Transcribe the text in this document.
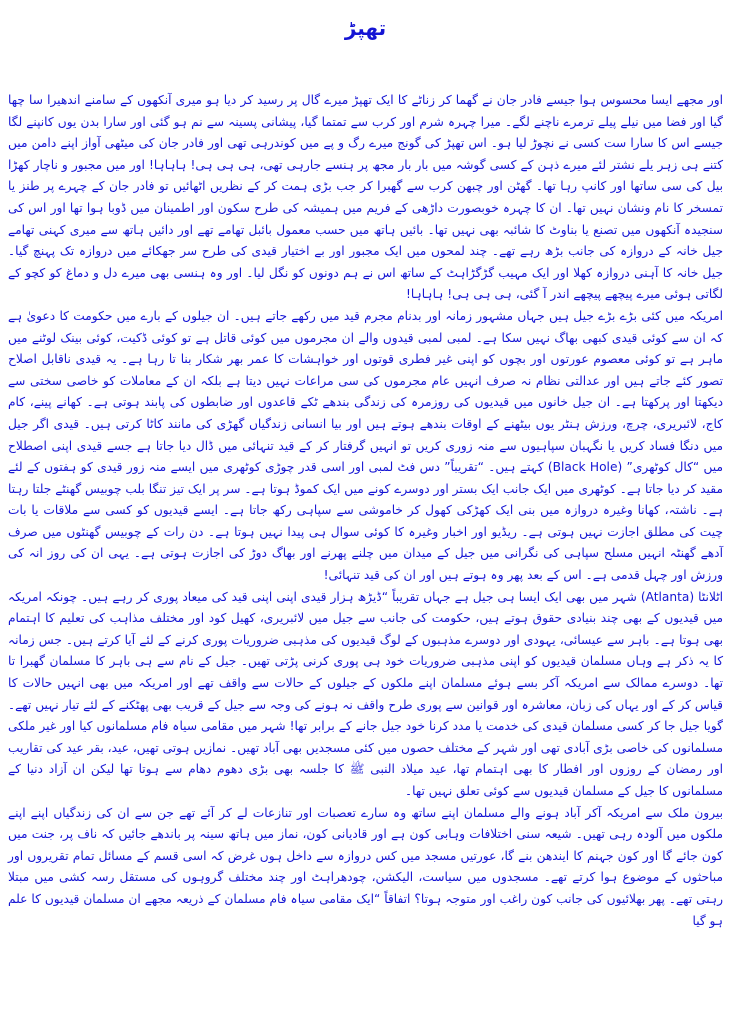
تھپڑ

اور مجھے ایسا محسوس ہوا جیسے فادر جان نے گھما کر زناٹے کا ایک تھپڑ میرے گال پر رسید کر دیا ہو میری آنکھوں کے سامنے اندھیرا سا چھا گیا اور فضا میں نیلے پیلے ترمرے ناچنے لگے۔ میرا چہرہ شرم اور کرب سے تمتما گیا، پیشانی پسینہ سے نم ہو گئی اور سارا بدن یوں کانپنے لگا جیسے اس کا سارا ست کسی نے نچوڑ لیا ہو۔ اس تھپڑ کی گونج میرے رگ و پے میں کوندرہی تھی اور فادر جان کی میٹھی آواز اپنے دامن میں کتنے ہی زہر یلے نشتر لئے میرے ذہن کے کسی گوشہ میں بار بار مجھ پر ہنسے جارہی تھی، ہی ہی ہی! ہاہاہا! اور میں مجبور و ناچار کھڑا بیل کی سی ساتھا اور کانپ رہا تھا۔ گھٹن اور چبھن کرب سے گھبرا کر جب بڑی ہمت کر کے نظریں اٹھائیں تو فادر جان کے چہرے پر طنز یا تمسخر کا نام ونشان نہیں تھا۔ ان کا چہرہ خوبصورت داڑھی کے فریم میں ہمیشہ کی طرح سکون اور اطمینان میں ڈوبا ہوا تھا اور اس کی سنجیدہ آنکھوں میں تصنع یا بناوٹ کا شائبہ بھی نہیں تھا۔ بائیں ہاتھ میں حسب معمول بائبل تھامے تھے اور دائیں ہاتھ سے میری کہنی تھامے جیل خانہ کے دروازہ کی جانب بڑھ رہے تھے۔ چند لمحوں میں ایک مجبور اور بے اختیار قیدی کی طرح سر جھکائے میں دروازہ تک پہنچ گیا۔ جیل خانہ کا آہنی دروازہ کھلا اور ایک مہیب گڑگڑاہٹ کے ساتھ اس نے ہم دونوں کو نگل لیا۔ اور وہ ہنسی بھی میرے دل و دماغ کو کچو کے لگاتی ہوئی میرے پیچھے پیچھے اندر آ گئی، ہی ہی ہی! ہاہاہا!

امریکہ میں کئی بڑے بڑے جیل ہیں جہاں مشہور زمانہ اور بدنام مجرم قید میں رکھے جاتے ہیں۔ ان جیلوں کے بارے میں حکومت کا دعویٰ ہے کہ ان سے کوئی قیدی کبھی بھاگ نہیں سکا ہے۔ لمبی لمبی قیدوں والے ان مجرموں میں کوئی قاتل ہے تو کوئی ڈکیت، کوئی بینک لوٹنے میں ماہر ہے تو کوئی معصوم عورتوں اور بچوں کو اپنی غیر فطری قوتوں اور خواہشات کا عمر بھر شکار بنا تا رہا ہے۔ یہ قیدی ناقابل اصلاح تصور کئے جاتے ہیں اور عدالتی نظام نہ صرف انہیں عام مجرموں کی سی مراعات نہیں دیتا ہے بلکہ ان کے معاملات کو خاصی سختی سے دیکھتا اور پرکھتا ہے۔ ان جیل خانوں میں قیدیوں کی روزمرہ کی زندگی بندھے ٹکے قاعدوں اور ضابطوں کی پابند ہوتی ہے۔ کھانے پینے، کام کاج، لائبریری، چرچ، ورزش ہنٹر یوں بیٹھنے کے اوقات بندھے ہوتے ہیں اور بیا انسانی زندگیاں گھڑی کی مانند کاٹا کرتی ہیں۔ قیدی اگر جیل میں دنگا فساد کریں یا نگہبان سپاہیوں سے منہ زوری کریں تو انہیں گرفتار کر کے قید تنہائی میں ڈال دیا جاتا ہے جسے قیدی اپنی اصطلاح میں “کال کوٹھری” (Black Hole) کہتے ہیں۔ “تقریباً” دس فٹ لمبی اور اسی قدر چوڑی کوٹھری میں ایسے منہ زور قیدی کو ہفتوں کے لئے مقید کر دیا جاتا ہے۔ کوٹھری میں ایک جانب ایک بستر اور دوسرے کونے میں ایک کموڈ ہوتا ہے۔ سر پر ایک تیز تنگا بلب چوبیس گھنٹے جلتا رہتا ہے۔ ناشتہ، کھانا وغیرہ دروازہ میں بنی ایک کھڑکی کھول کر خاموشی سے سپاہی رکھ جاتا ہے۔ ایسے قیدیوں کو کسی سے ملاقات یا بات چیت کی مطلق اجازت نہیں ہوتی ہے۔ ریڈیو اور اخبار وغیرہ کا کوئی سوال ہی پیدا نہیں ہوتا ہے۔ دن رات کے چوبیس گھنٹوں میں صرف آدھے گھنٹہ انہیں مسلح سپاہی کی نگرانی میں جیل کے میدان میں چلنے پھرنے اور بھاگ دوڑ کی اجازت ہوتی ہے۔ یہی ان کی روز انہ کی ورزش اور چہل قدمی ہے۔ اس کے بعد پھر وہ ہوتے ہیں اور ان کی قید تنہائی!

اٹلانٹا (Atlanta) شہر میں بھی ایک ایسا ہی جیل ہے جہاں تقریباً “ڈیڑھ ہزار قیدی اپنی اپنی قید کی میعاد پوری کر رہے ہیں۔ چونکہ امریکہ میں قیدیوں کے بھی چند بنیادی حقوق ہوتے ہیں، حکومت کی جانب سے جیل میں لائبریری، کھیل کود اور مختلف مذاہب کی تعلیم کا اہتمام بھی ہوتا ہے۔ باہر سے عیسائی، یہودی اور دوسرے مذہبوں کے لوگ قیدیوں کی مذہبی ضروریات پوری کرنے کے لئے آیا کرتے ہیں۔ جس زمانہ کا یہ ذکر ہے وہاں مسلمان قیدیوں کو اپنی مذہبی ضروریات خود ہی پوری کرنی پڑتی تھیں۔ جیل کے نام سے ہی باہر کا مسلمان گھبرا تا تھا۔ دوسرے ممالک سے امریکہ آکر بسے ہوئے مسلمان اپنے ملکوں کے جیلوں کے حالات سے واقف تھے اور امریکہ میں بھی انہیں حالات کا قیاس کر کے اور یہاں کی زبان، معاشرہ اور قوانین سے پوری طرح واقف نہ ہونے کی وجہ سے جیل کے قریب بھی پھٹکنے کے لئے تیار نہیں تھے۔ گویا جیل جا کر کسی مسلمان قیدی کی خدمت یا مدد کرنا خود جیل جانے کے برابر تھا! شہر میں مقامی سیاہ فام مسلمانوں کیا اور غیر ملکی مسلمانوں کی خاصی بڑی آبادی تھی اور شہر کے مختلف حصوں میں کئی مسجدیں بھی آباد تھیں۔ نمازیں ہوتی تھیں، عید، بقر عید کی تقاریب اور رمضان کے روزوں اور افطار کا بھی اہتمام تھا، عید میلاد النبی ﷺ کا جلسہ بھی بڑی دھوم دھام سے ہوتا تھا لیکن ان آزاد دنیا کے مسلمانوں کا جیل کے مسلمان قیدیوں سے کوئی تعلق نہیں تھا۔

بیرون ملک سے امریکہ آکر آباد ہونے والے مسلمان اپنے ساتھ وہ سارے تعصبات اور تنازعات لے کر آئے تھے جن سے ان کی زندگیاں اپنے اپنے ملکوں میں آلودہ رہی تھیں۔ شیعہ سنی اختلافات وہابی کون ہے اور قادیانی کون، نماز میں ہاتھ سینہ پر باندھے جائیں کہ ناف پر، جنت میں کون جائے گا اور کون جہنم کا ایندھن بنے گا، عورتیں مسجد میں کس دروازہ سے داخل ہوں غرض کہ اسی قسم کے مسائل تمام تقریروں اور مباحثوں کے موضوع ہوا کرتے تھے۔ مسجدوں میں سیاست، الیکشن، چودھراہٹ اور چند مختلف گروہوں کی مستقل رسہ کشی میں مبتلا رہتی تھے۔ پھر بھلائیوں کی جانب کون راغب اور متوجہ ہوتا؟ اتفاقاً “ایک مقامی سیاہ فام مسلمان کے ذریعہ مجھے ان مسلمان قیدیوں کا علم ہو گیا
